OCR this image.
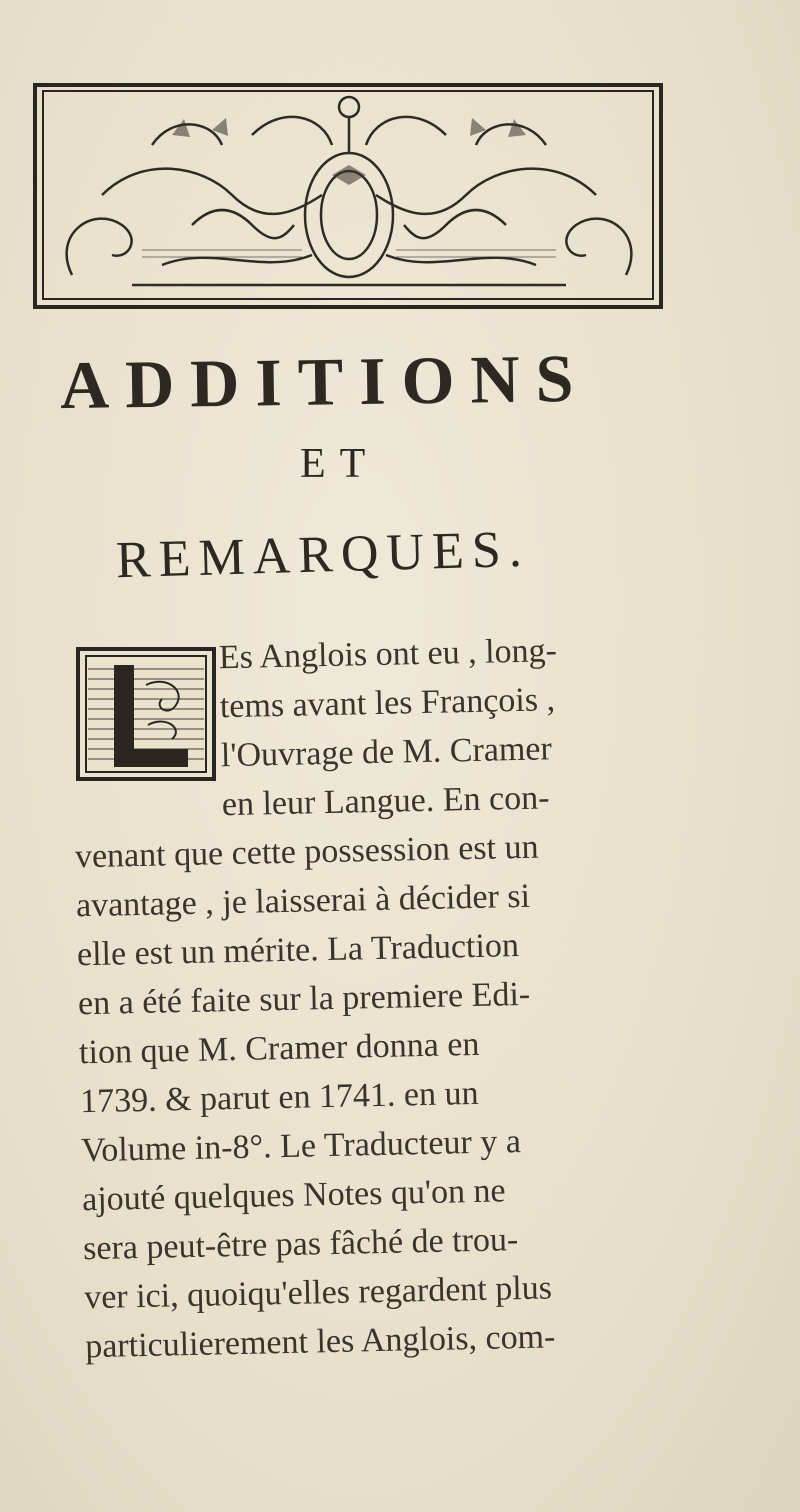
ADDITIONS
ET
REMARQUES.
Es Anglois ont eu , long-
tems avant les François ,
l'Ouvrage de M. Cramer
en leur Langue. En con-
venant que cette possession est un
avantage , je laisserai à décider si
elle est un mérite. La Traduction
en a été faite sur la premiere Edi-
tion que M. Cramer donna en
1739. & parut en 1741. en un
Volume in-8°. Le Traducteur y a
ajouté quelques Notes qu'on ne
sera peut-être pas fâché de trou-
ver ici, quoiqu'elles regardent plus
particulierement les Anglois, com-
